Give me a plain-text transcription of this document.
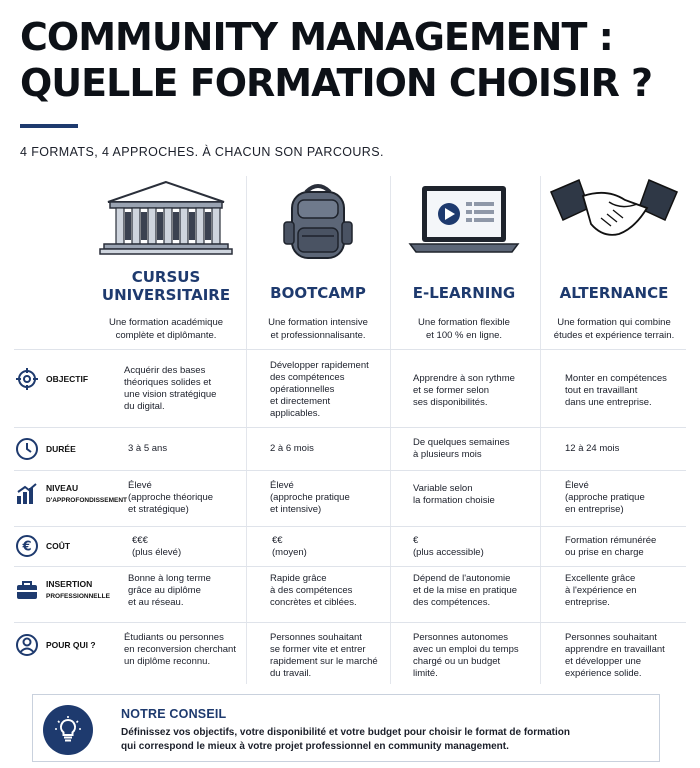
COMMUNITY MANAGEMENT :
QUELLE FORMATION CHOISIR ?

4 FORMATS, 4 APPROCHES. À CHACUN SON PARCOURS.

CURSUS
UNIVERSITAIRE
Une formation académique
complète et diplômante.
BOOTCAMP
Une formation intensive
et professionnalisante.
E-LEARNING
Une formation flexible
et 100 % en ligne.
ALTERNANCE
Une formation qui combine
études et expérience terrain.
OBJECTIF
DURÉE
NIVEAU
D'APPROFONDISSEMENT
€ COÛT
INSERTION
PROFESSIONNELLE
POUR QUI ?
Acquérir des bases
théoriques solides et
une vision stratégique
du digital.
Développer rapidement
des compétences
opérationnelles
et directement
applicables.
Apprendre à son rythme
et se former selon
ses disponibilités.
Monter en compétences
tout en travaillant
dans une entreprise.
3 à 5 ans	2 à 6 mois
De quelques semaines
à plusieurs mois
12 à 24 mois
Élevé
(approche théorique
et stratégique)
Élevé
(approche pratique
et intensive)
Variable selon
la formation choisie
Élevé
(approche pratique
en entreprise)
€€€
(plus élevé)
€€
(moyen)
€
(plus accessible)
Formation rémunérée
ou prise en charge
Bonne à long terme
grâce au diplôme
et au réseau.
Rapide grâce
à des compétences
concrètes et ciblées.
Dépend de l'autonomie
et de la mise en pratique
des compétences.
Excellente grâce
à l'expérience en
entreprise.
Étudiants ou personnes
en reconversion cherchant
un diplôme reconnu.
Personnes souhaitant
se former vite et entrer
rapidement sur le marché
du travail.
Personnes autonomes
avec un emploi du temps
chargé ou un budget
limité.
Personnes souhaitant
apprendre en travaillant
et développer une
expérience solide.
NOTRE CONSEIL
Définissez vos objectifs, votre disponibilité et votre budget pour choisir le format de formation
qui correspond le mieux à votre projet professionnel en community management.
